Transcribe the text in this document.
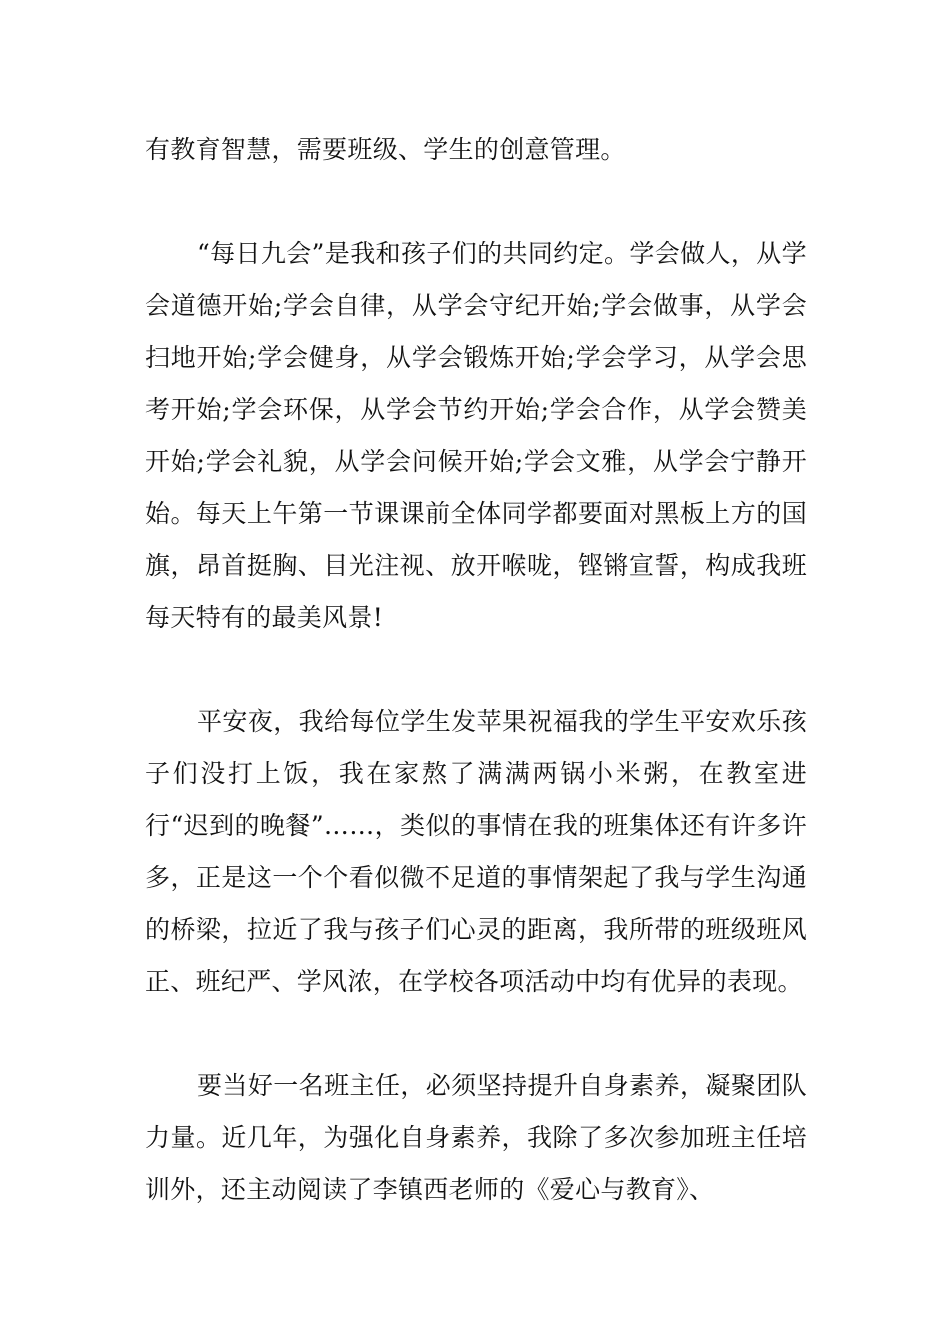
有教育智慧，需要班级、学生的创意管理。

“每日九会”是我和孩子们的共同约定。学会做人，从学会道德开始;学会自律，从学会守纪开始;学会做事，从学会扫地开始;学会健身，从学会锻炼开始;学会学习，从学会思考开始;学会环保，从学会节约开始;学会合作，从学会赞美开始;学会礼貌，从学会问候开始;学会文雅，从学会宁静开始。每天上午第一节课课前全体同学都要面对黑板上方的国旗，昂首挺胸、目光注视、放开喉咙，铿锵宣誓，构成我班每天特有的最美风景!

平安夜，我给每位学生发苹果祝福我的学生平安欢乐孩子们没打上饭，我在家熬了满满两锅小米粥，在教室进行“迟到的晚餐”……，类似的事情在我的班集体还有许多许多，正是这一个个看似微不足道的事情架起了我与学生沟通的桥梁，拉近了我与孩子们心灵的距离，我所带的班级班风正、班纪严、学风浓，在学校各项活动中均有优异的表现。

要当好一名班主任，必须坚持提升自身素养，凝聚团队力量。近几年，为强化自身素养，我除了多次参加班主任培训外，还主动阅读了李镇西老师的《爱心与教育》、
